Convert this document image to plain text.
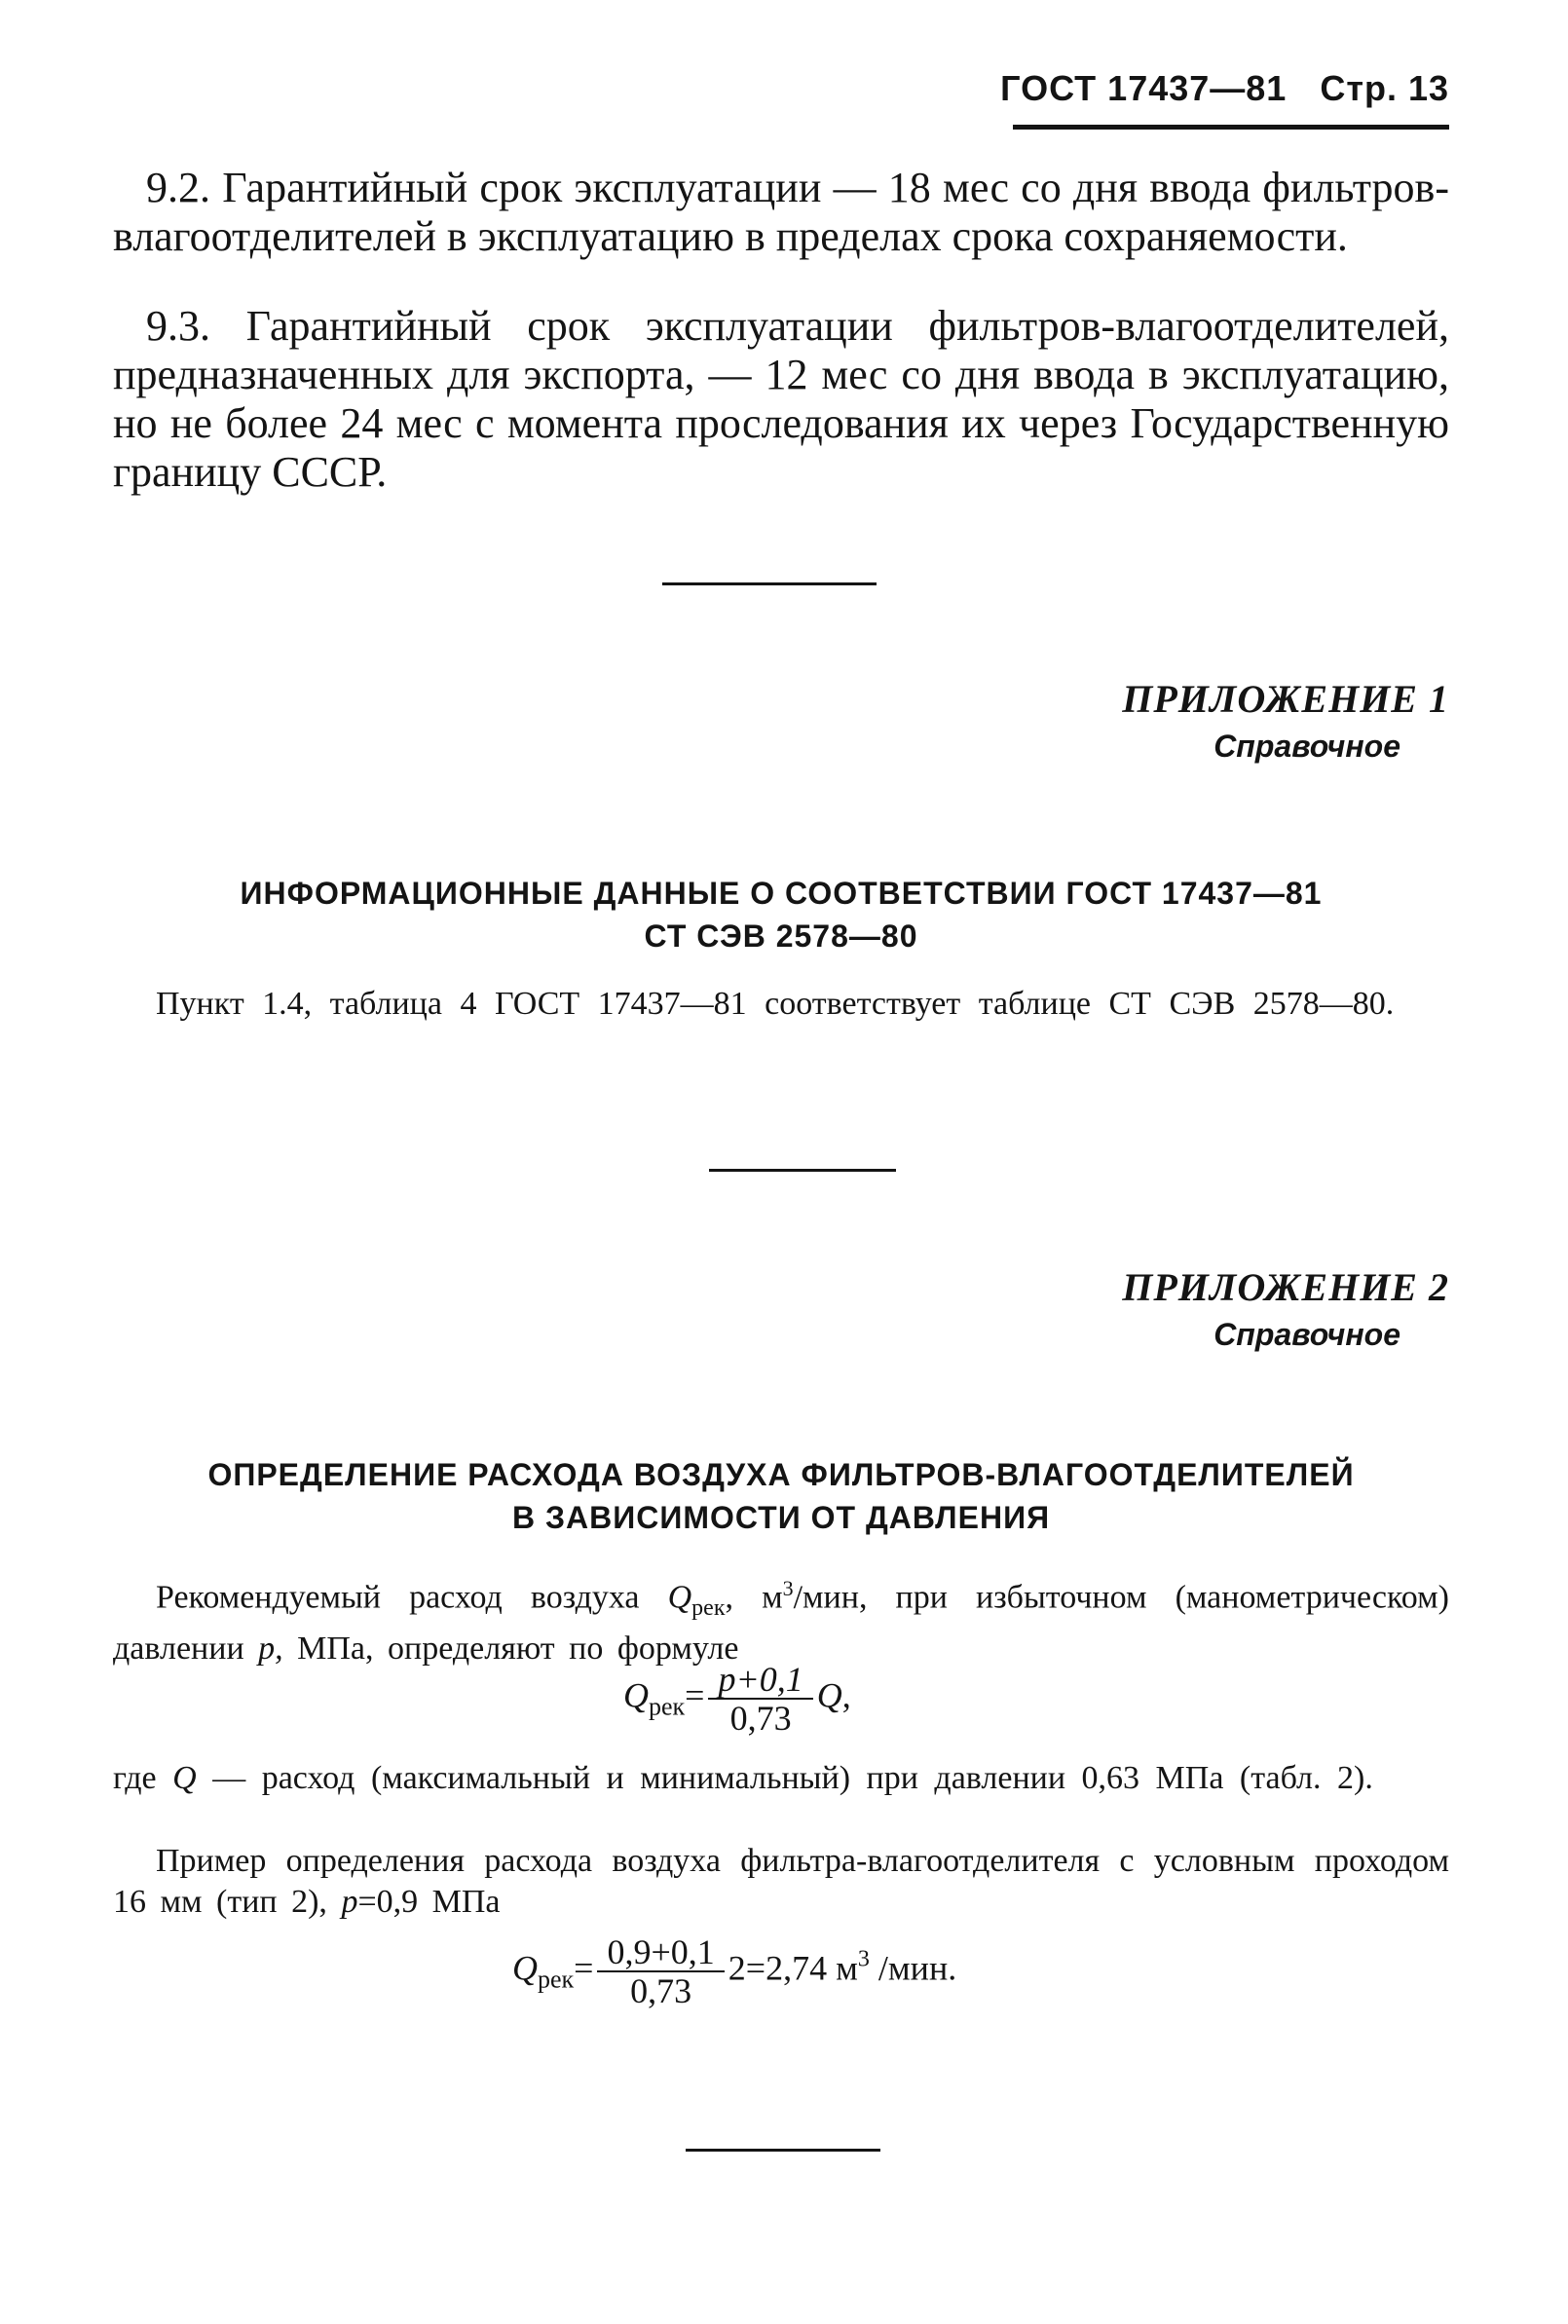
ГОСТ 17437—81 Стр. 13
9.2. Гарантийный срок эксплуатации — 18 мес со дня ввода фильтров-влагоотделителей в эксплуатацию в пределах срока сохраняемости.
9.3. Гарантийный срок эксплуатации фильтров-влагоотделителей, предназначенных для экспорта, — 12 мес со дня ввода в эксплуатацию, но не более 24 мес с момента проследования их через Государственную границу СССР.
ПРИЛОЖЕНИЕ 1
Справочное
ИНФОРМАЦИОННЫЕ ДАННЫЕ О СООТВЕТСТВИИ ГОСТ 17437—81
СТ СЭВ 2578—80
Пункт 1.4, таблица 4 ГОСТ 17437—81 соответствует таблице СТ СЭВ 2578—80.
ПРИЛОЖЕНИЕ 2
Справочное
ОПРЕДЕЛЕНИЕ РАСХОДА ВОЗДУХА ФИЛЬТРОВ-ВЛАГООТДЕЛИТЕЛЕЙ
В ЗАВИСИМОСТИ ОТ ДАВЛЕНИЯ
Рекомендуемый расход воздуха $Q_{рек}$, $м^3$/мин, при избыточном (манометрическом) давлении p, МПа, определяют по формуле
$Q_{рек}= \frac{p+0,1}{0,73} Q$,
где Q — расход (максимальный и минимальный) при давлении 0,63 МПа (табл. 2).
Пример определения расхода воздуха фильтра-влагоотделителя с условным проходом 16 мм (тип 2), p=0,9 МПа
$Q_{рек}= \frac{0,9+0,1}{0,73} 2=2,74$ $м^3$ /мин.
